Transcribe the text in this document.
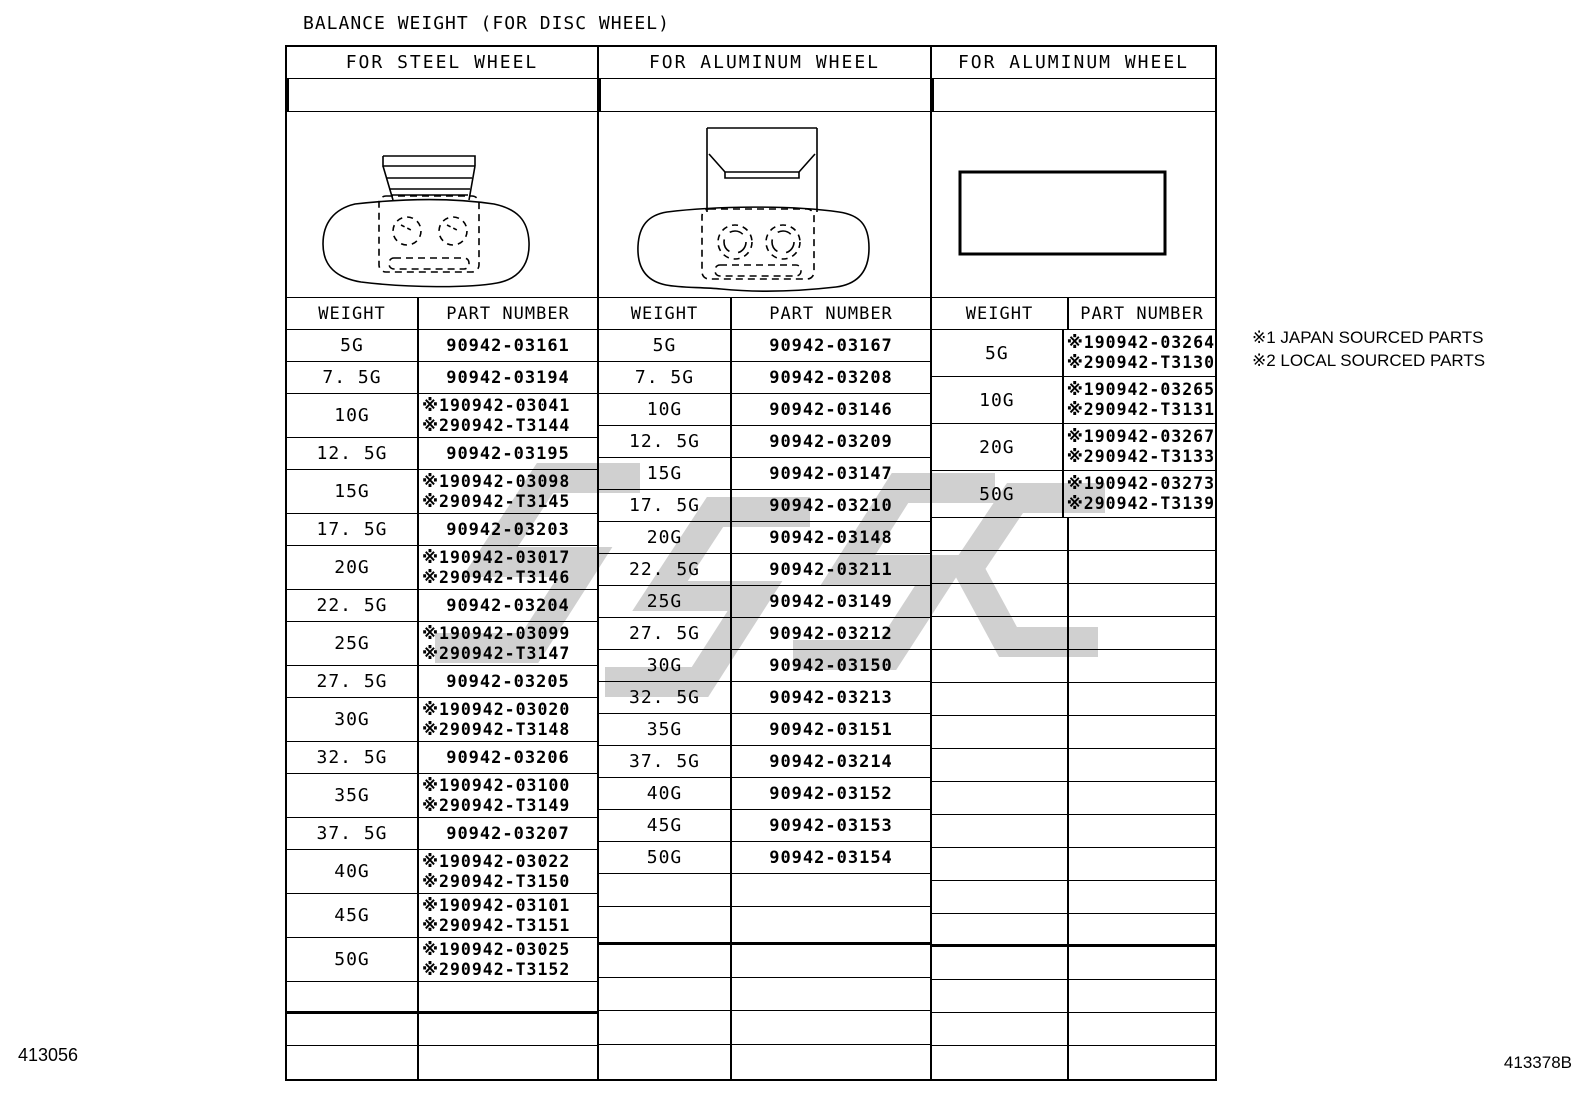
BALANCE WEIGHT (FOR DISC WHEEL)
FOR STEEL WHEEL
WEIGHT	PART NUMBER
5G	90942-03161
7. 5G	90942-03194
10G	※190942-03041
※290942-T3144
12. 5G	90942-03195
15G	※190942-03098
※290942-T3145
17. 5G	90942-03203
20G	※190942-03017
※290942-T3146
22. 5G	90942-03204
25G	※190942-03099
※290942-T3147
27. 5G	90942-03205
30G	※190942-03020
※290942-T3148
32. 5G	90942-03206
35G	※190942-03100
※290942-T3149
37. 5G	90942-03207
40G	※190942-03022
※290942-T3150
45G	※190942-03101
※290942-T3151
50G	※190942-03025
※290942-T3152
FOR ALUMINUM WHEEL
WEIGHT	PART NUMBER
5G	90942-03167
7. 5G	90942-03208
10G	90942-03146
12. 5G	90942-03209
15G	90942-03147
17. 5G	90942-03210
20G	90942-03148
22. 5G	90942-03211
25G	90942-03149
27. 5G	90942-03212
30G	90942-03150
32. 5G	90942-03213
35G	90942-03151
37. 5G	90942-03214
40G	90942-03152
45G	90942-03153
50G	90942-03154
FOR ALUMINUM WHEEL
WEIGHT	PART NUMBER
5G	※190942-03264
※290942-T3130
10G	※190942-03265
※290942-T3131
20G	※190942-03267
※290942-T3133
50G	※190942-03273
※290942-T3139
※1 JAPAN SOURCED PARTS
※2 LOCAL SOURCED PARTS
413056	413378B
